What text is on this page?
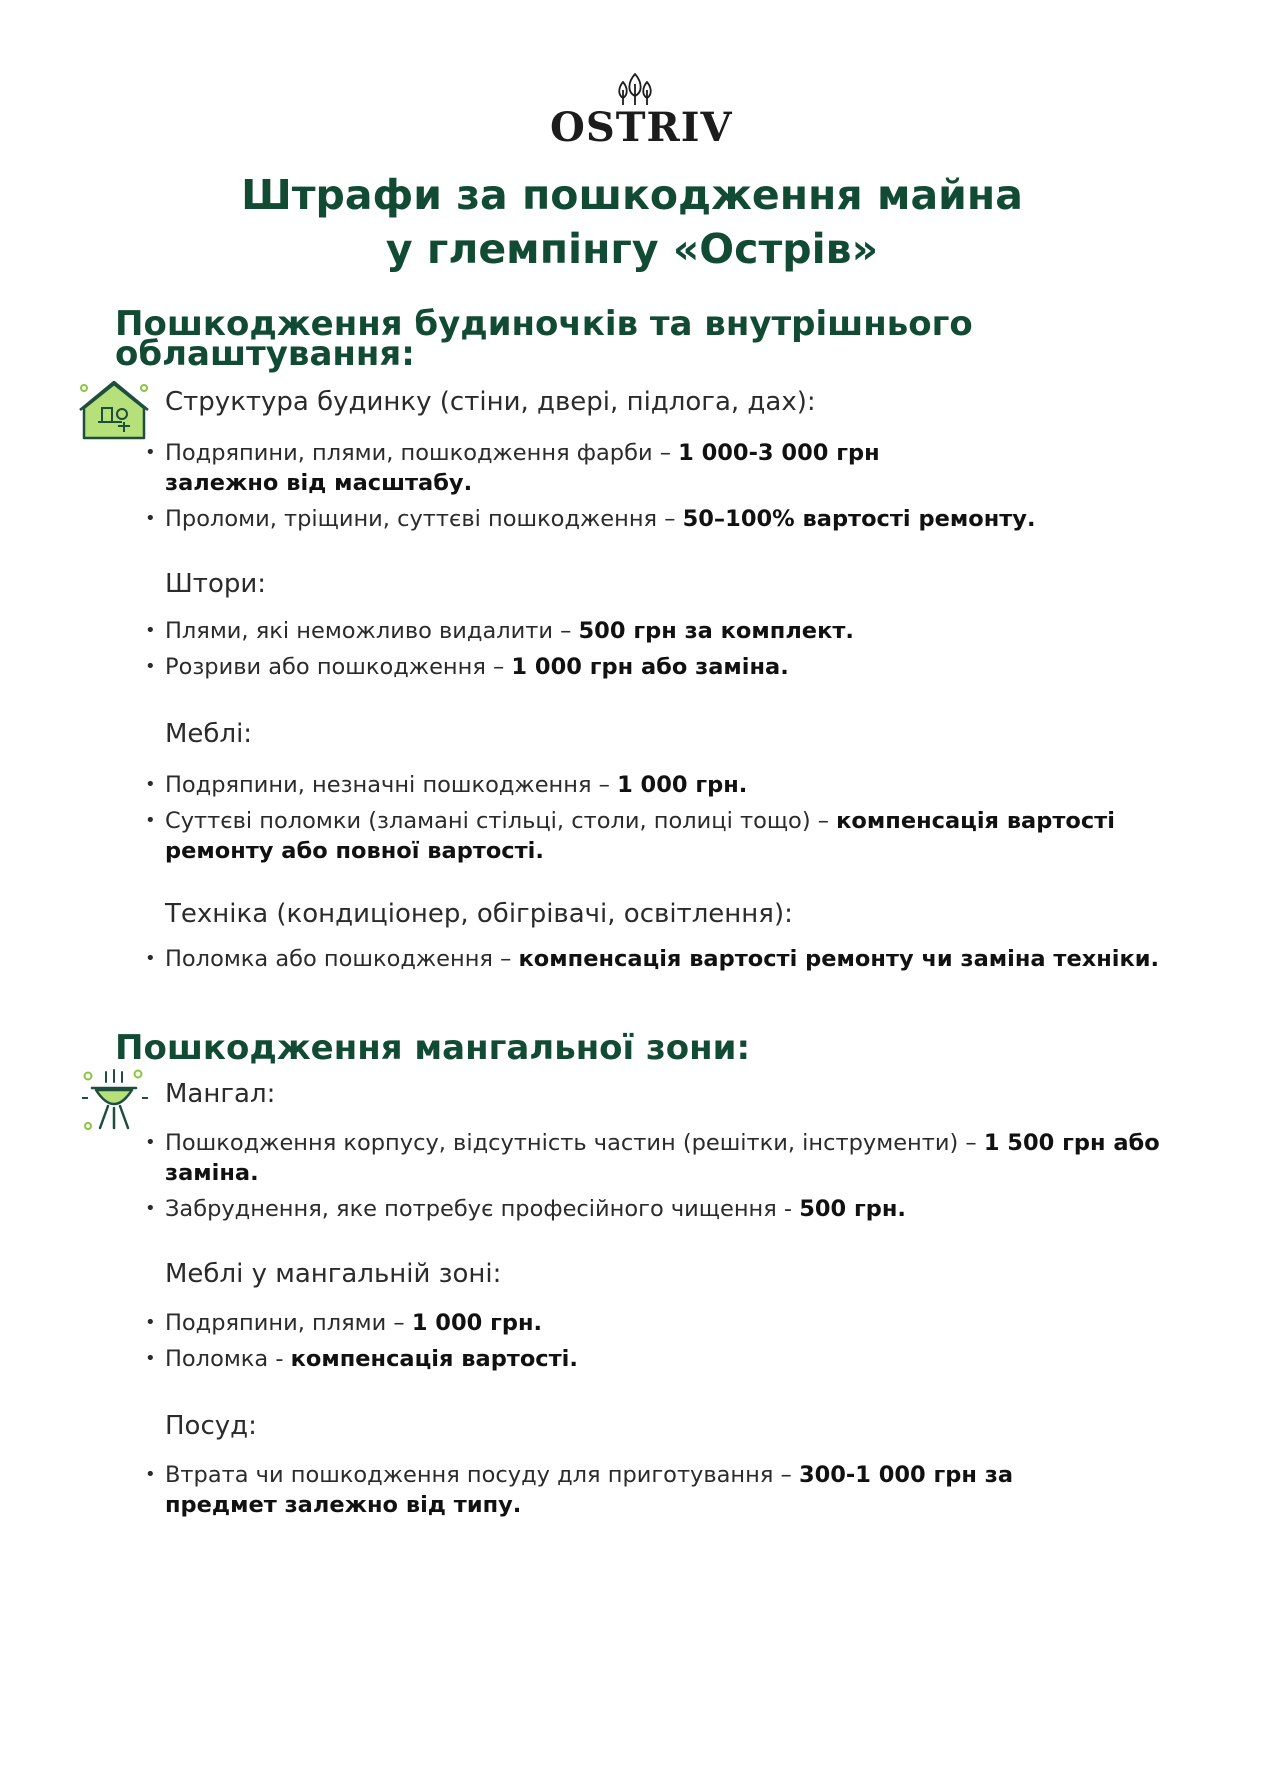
OSTRIV
Штрафи за пошкодження майна
у глемпінгу «Острів»
Пошкодження будиночків та внутрішнього
облаштування:
Структура будинку (стіни, двері, підлога, дах):
• Подряпини, плями, пошкодження фарби – 1 000-3 000 грн
залежно від масштабу.
• Проломи, тріщини, суттєві пошкодження – 50–100% вартості ремонту.
Штори:
• Плями, які неможливо видалити – 500 грн за комплект.
• Розриви або пошкодження – 1 000 грн або заміна.
Меблі:
• Подряпини, незначні пошкодження – 1 000 грн.
• Суттєві поломки (зламані стільці, столи, полиці тощо) – компенсація вартості ремонту або повної вартості.
Техніка (кондиціонер, обігрівачі, освітлення):
• Поломка або пошкодження – компенсація вартості ремонту чи заміна техніки.
Пошкодження мангальної зони:
Мангал:
• Пошкодження корпусу, відсутність частин (решітки, інструменти) – 1 500 грн або заміна.
• Забруднення, яке потребує професійного чищення - 500 грн.
Меблі у мангальній зоні:
• Подряпини, плями – 1 000 грн.
• Поломка - компенсація вартості.
Посуд:
• Втрата чи пошкодження посуду для приготування – 300-1 000 грн за предмет залежно від типу.
